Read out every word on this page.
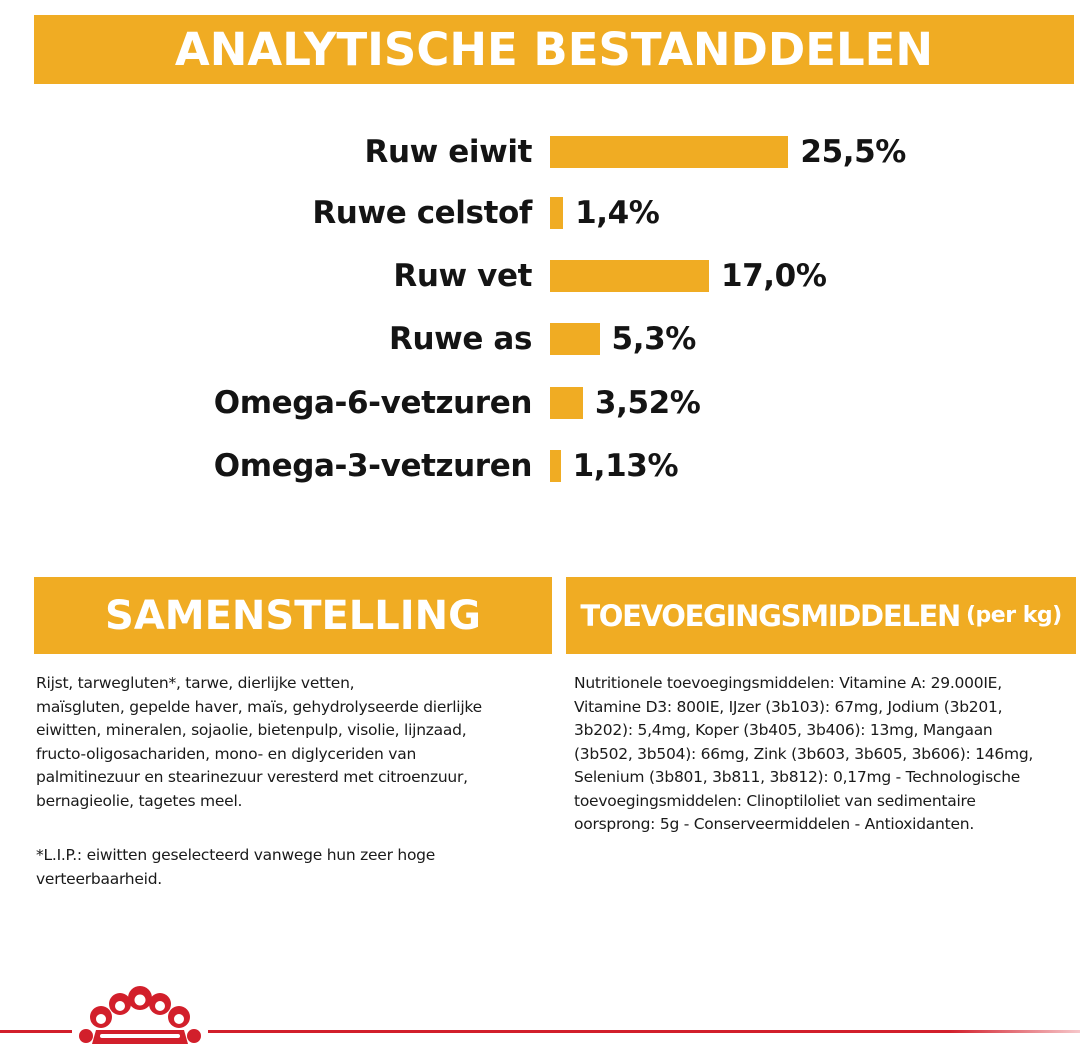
ANALYTISCHE BESTANDDELEN
Ruw eiwit	25,5%
Ruwe celstof 1,4%
Ruw vet	17,0%
Ruwe as	5,3%
Omega-6-vetzuren 3,52%
Omega-3-vetzuren 1,13%
SAMENSTELLING	TOEVOEGINGSMIDDELEN (per kg)
Rijst, tarwegluten*, tarwe, dierlijke vetten,
maïsgluten, gepelde haver, maïs, gehydrolyseerde dierlijke
eiwitten, mineralen, sojaolie, bietenpulp, visolie, lijnzaad,
fructo-oligosachariden, mono- en diglyceriden van
palmitinezuur en stearinezuur veresterd met citroenzuur,
bernagieolie, tagetes meel.
*L.I.P.: eiwitten geselecteerd vanwege hun zeer hoge
verteerbaarheid.
Nutritionele toevoegingsmiddelen: Vitamine A: 29.000IE,
Vitamine D3: 800IE, IJzer (3b103): 67mg, Jodium (3b201,
3b202): 5,4mg, Koper (3b405, 3b406): 13mg, Mangaan
(3b502, 3b504): 66mg, Zink (3b603, 3b605, 3b606): 146mg,
Selenium (3b801, 3b811, 3b812): 0,17mg - Technologische
toevoegingsmiddelen: Clinoptiloliet van sedimentaire
oorsprong: 5g - Conserveermiddelen - Antioxidanten.
